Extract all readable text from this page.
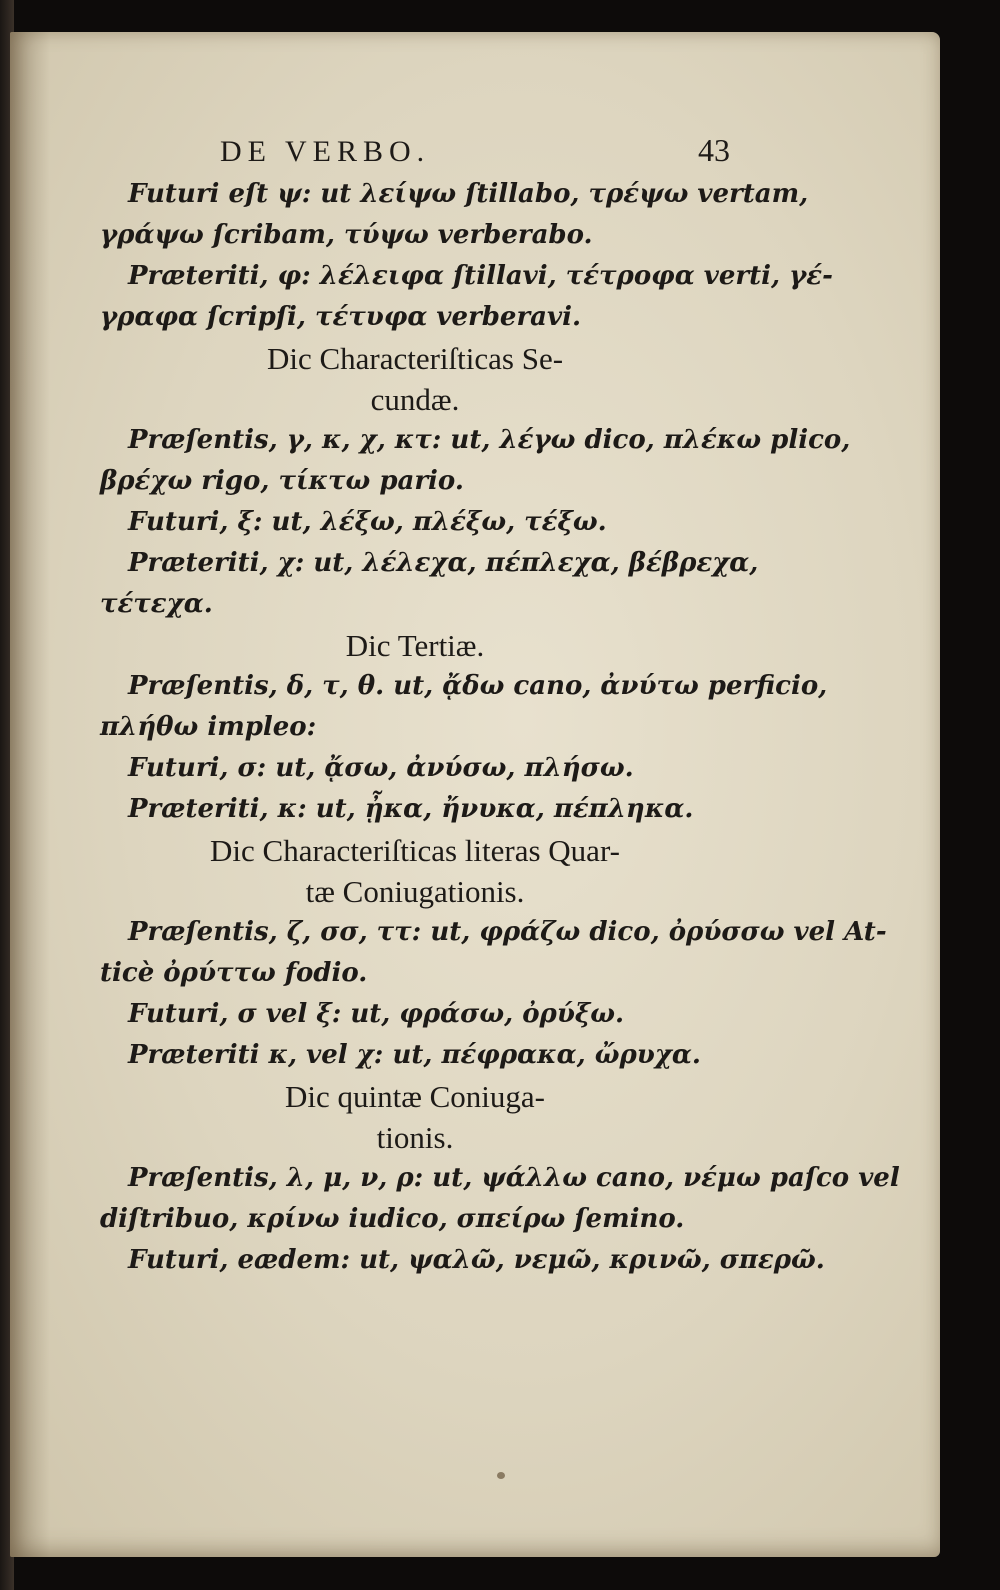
DE VERBO.	43
Futuri eſt ψ: ut λείψω ſtillabo, τρέψω vertam,
γράψω ſcribam, τύψω verberabo.
Præteriti, φ: λέλειφα ſtillavi, τέτροφα verti, γέ-
γραφα ſcripſi, τέτυφα verberavi.
Dic Characteriſticas Se-
cundæ.
Præſentis, γ, κ, χ, κτ: ut, λέγω dico, πλέκω plico,
βρέχω rigo, τίκτω pario.
Futuri, ξ: ut, λέξω, πλέξω, τέξω.
Præteriti, χ: ut, λέλεχα, πέπλεχα, βέβρεχα,
τέτεχα.
Dic Tertiæ.
Præſentis, δ, τ, θ. ut, ᾄδω cano, ἀνύτω perficio,
πλήθω impleo:
Futuri, σ: ut, ᾄσω, ἀνύσω, πλήσω.
Præteriti, κ: ut, ᾖκα, ἤνυκα, πέπληκα.
Dic Characteriſticas literas Quar-
tæ Coniugationis.
Præſentis, ζ, σσ, ττ: ut, φράζω dico, ὀρύσσω vel At-
ticè ὀρύττω fodio.
Futuri, σ vel ξ: ut, φράσω, ὀρύξω.
Præteriti κ, vel χ: ut, πέφρακα, ὤρυχα.
Dic quintæ Coniuga-
tionis.
Præſentis, λ, μ, ν, ρ: ut, ψάλλω cano, νέμω paſco vel
diſtribuo, κρίνω iudico, σπείρω ſemino.
Futuri, eædem: ut, ψαλῶ, νεμῶ, κρινῶ, σπερῶ.
